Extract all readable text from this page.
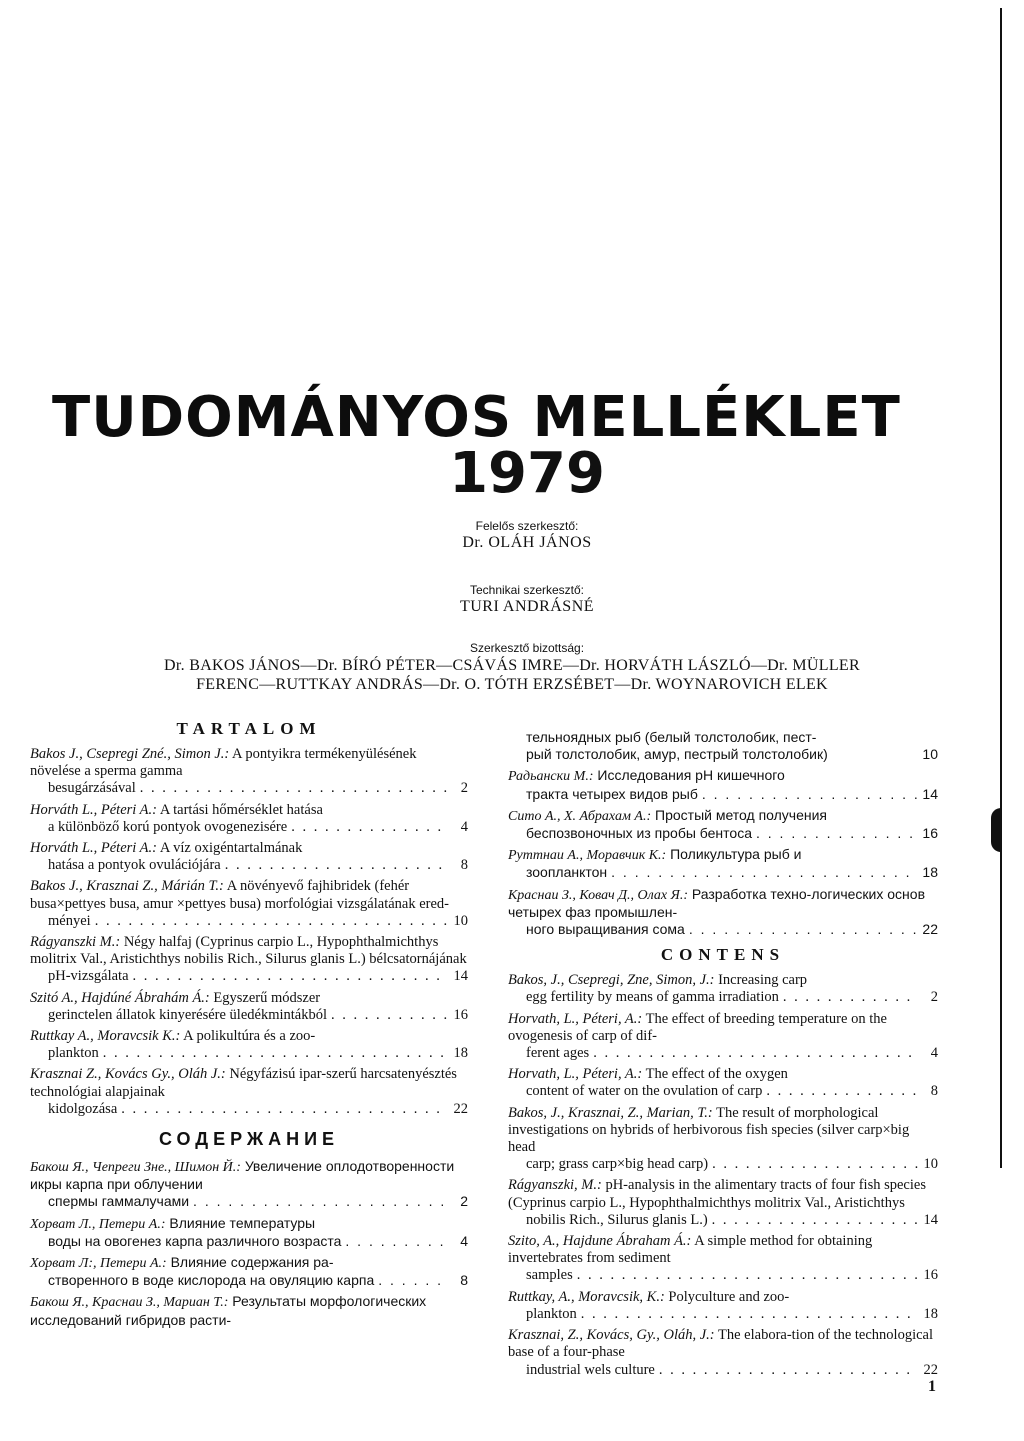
TUDOMÁNYOS MELLÉKLET
1979
Felelős szerkesztő:
Dr. OLÁH JÁNOS
Technikai szerkesztő:
TURI ANDRÁSNÉ
Szerkesztő bizottság:
Dr. BAKOS JÁNOS—Dr. BÍRÓ PÉTER—CSÁVÁS IMRE—Dr. HORVÁTH LÁSZLÓ—Dr. MÜLLER
FERENC—RUTTKAY ANDRÁS—Dr. O. TÓTH ERZSÉBET—Dr. WOYNAROVICH ELEK
TARTALOM
Bakos J., Csepregi Zné., Simon J.: A pontyikra termékenyülésének növelése a sperma gamma
besugárzásával . . .	2
Horváth L., Péteri A.: A tartási hőmérséklet hatása
a különböző korú pontyok ovogenezisére . . .	4
Horváth L., Péteri A.: A víz oxigéntartalmának
hatása a pontyok ovulációjára . . .	8
Bakos J., Krasznai Z., Márián T.: A növényevő fajhibridek (fehér busa×pettyes busa, amur ×pettyes busa) morfológiai vizsgálatának ered-
ményei . . .	10
Rágyanszki M.: Négy halfaj (Cyprinus carpio L., Hypophthalmichthys molitrix Val., Aristichthys nobilis Rich., Silurus glanis L.) bélcsatornájának
pH-vizsgálata . . .	14
Szitó A., Hajdúné Ábrahám Á.: Egyszerű módszer
gerinctelen állatok kinyerésére üledékmintákból . . .	16
Ruttkay A., Moravcsik K.: A polikultúra és a zoo-
plankton . . .	18
Krasznai Z., Kovács Gy., Oláh J.: Négyfázisú ipar-szerű harcsatenyésztés technológiai alapjainak
kidolgozása . . .	22
СОДЕРЖАНИЕ
Бакош Я., Чепреги Зне., Шимон Й.: Увеличение оплодотворенности икры карпа при облучении
спермы гаммалучами . . .	2
Хорват Л., Петери А.: Влияние температуры
воды на овогенез карпа различного возраста . . .	4
Хорват Л:, Петери А.: Влияние содержания ра-
створенного в воде кислорода на овуляцию карпа . . .	8
Бакош Я., Краснаи З., Мариан Т.: Результаты морфологических исследований гибридов расти-
тельноядных рыб (белый толстолобик, пест-
рый толстолобик, амур, пестрый толстолобик)	10
Радьански М.: Исследования pH кишечного
тракта четырех видов рыб . . .	14
Сито А., Х. Абрахам А.: Простый метод получения
беспозвоночных из пробы бентоса . . .	16
Руттнаи А., Моравчик К.: Поликультура рыб и
зоопланктон . . .	18
Краснаи З., Ковач Д., Олах Я.: Разработка техно-логических основ четырех фаз промышлен-
ного выращивания сома . . .	22
CONTENS
Bakos, J., Csepregi, Zne, Simon, J.: Increasing carp
egg fertility by means of gamma irradiation . . .	2
Horvath, L., Péteri, A.: The effect of breeding temperature on the ovogenesis of carp of dif-
ferent ages . . .	4
Horvath, L., Péteri, A.: The effect of the oxygen
content of water on the ovulation of carp . . .	8
Bakos, J., Krasznai, Z., Marian, T.: The result of morphological investigations on hybrids of herbivorous fish species (silver carp×big head
carp; grass carp×big head carp) . . .	10
Rágyanszki, M.: pH-analysis in the alimentary tracts of four fish species (Cyprinus carpio L., Hypophthalmichthys molitrix Val., Aristichthys
nobilis Rich., Silurus glanis L.) . . .	14
Szito, A., Hajdune Ábraham Á.: A simple method for obtaining invertebrates from sediment
samples . . .	16
Ruttkay, A., Moravcsik, K.: Polyculture and zoo-
plankton . . .	18
Krasznai, Z., Kovács, Gy., Oláh, J.: The elabora-tion of the technological base of a four-phase
industrial wels culture . . .	22
1
